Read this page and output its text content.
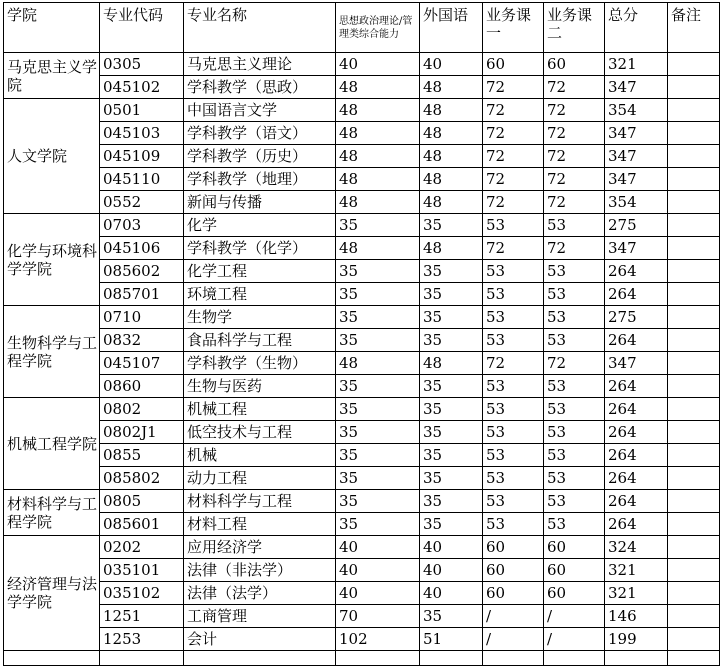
学院	专业代码	专业名称	思想政治理论/管理类综合能力	外国语	业务课一	业务课二	总分	备注
马克思主义学院	0305	马克思主义理论	40	40	60	60	321	
	045102	学科教学（思政）	48	48	72	72	347	
人文学院	0501	中国语言文学	48	48	72	72	354	
	045103	学科教学（语文）	48	48	72	72	347	
	045109	学科教学（历史）	48	48	72	72	347	
	045110	学科教学（地理）	48	48	72	72	347	
	0552	新闻与传播	48	48	72	72	354	
化学与环境科学学院	0703	化学	35	35	53	53	275	
	045106	学科教学（化学）	48	48	72	72	347	
	085602	化学工程	35	35	53	53	264	
	085701	环境工程	35	35	53	53	264	
生物科学与工程学院	0710	生物学	35	35	53	53	275	
	0832	食品科学与工程	35	35	53	53	264	
	045107	学科教学（生物）	48	48	72	72	347	
	0860	生物与医药	35	35	53	53	264	
机械工程学院	0802	机械工程	35	35	53	53	264	
	0802J1	低空技术与工程	35	35	53	53	264	
	0855	机械	35	35	53	53	264	
	085802	动力工程	35	35	53	53	264	
材料科学与工程学院	0805	材料科学与工程	35	35	53	53	264	
	085601	材料工程	35	35	53	53	264	
经济管理与法学学院	0202	应用经济学	40	40	60	60	324	
	035101	法律（非法学）	40	40	60	60	321	
	035102	法律（法学）	40	40	60	60	321	
	1251	工商管理	70	35	/	/	146	
	1253	会计	102	51	/	/	199	
